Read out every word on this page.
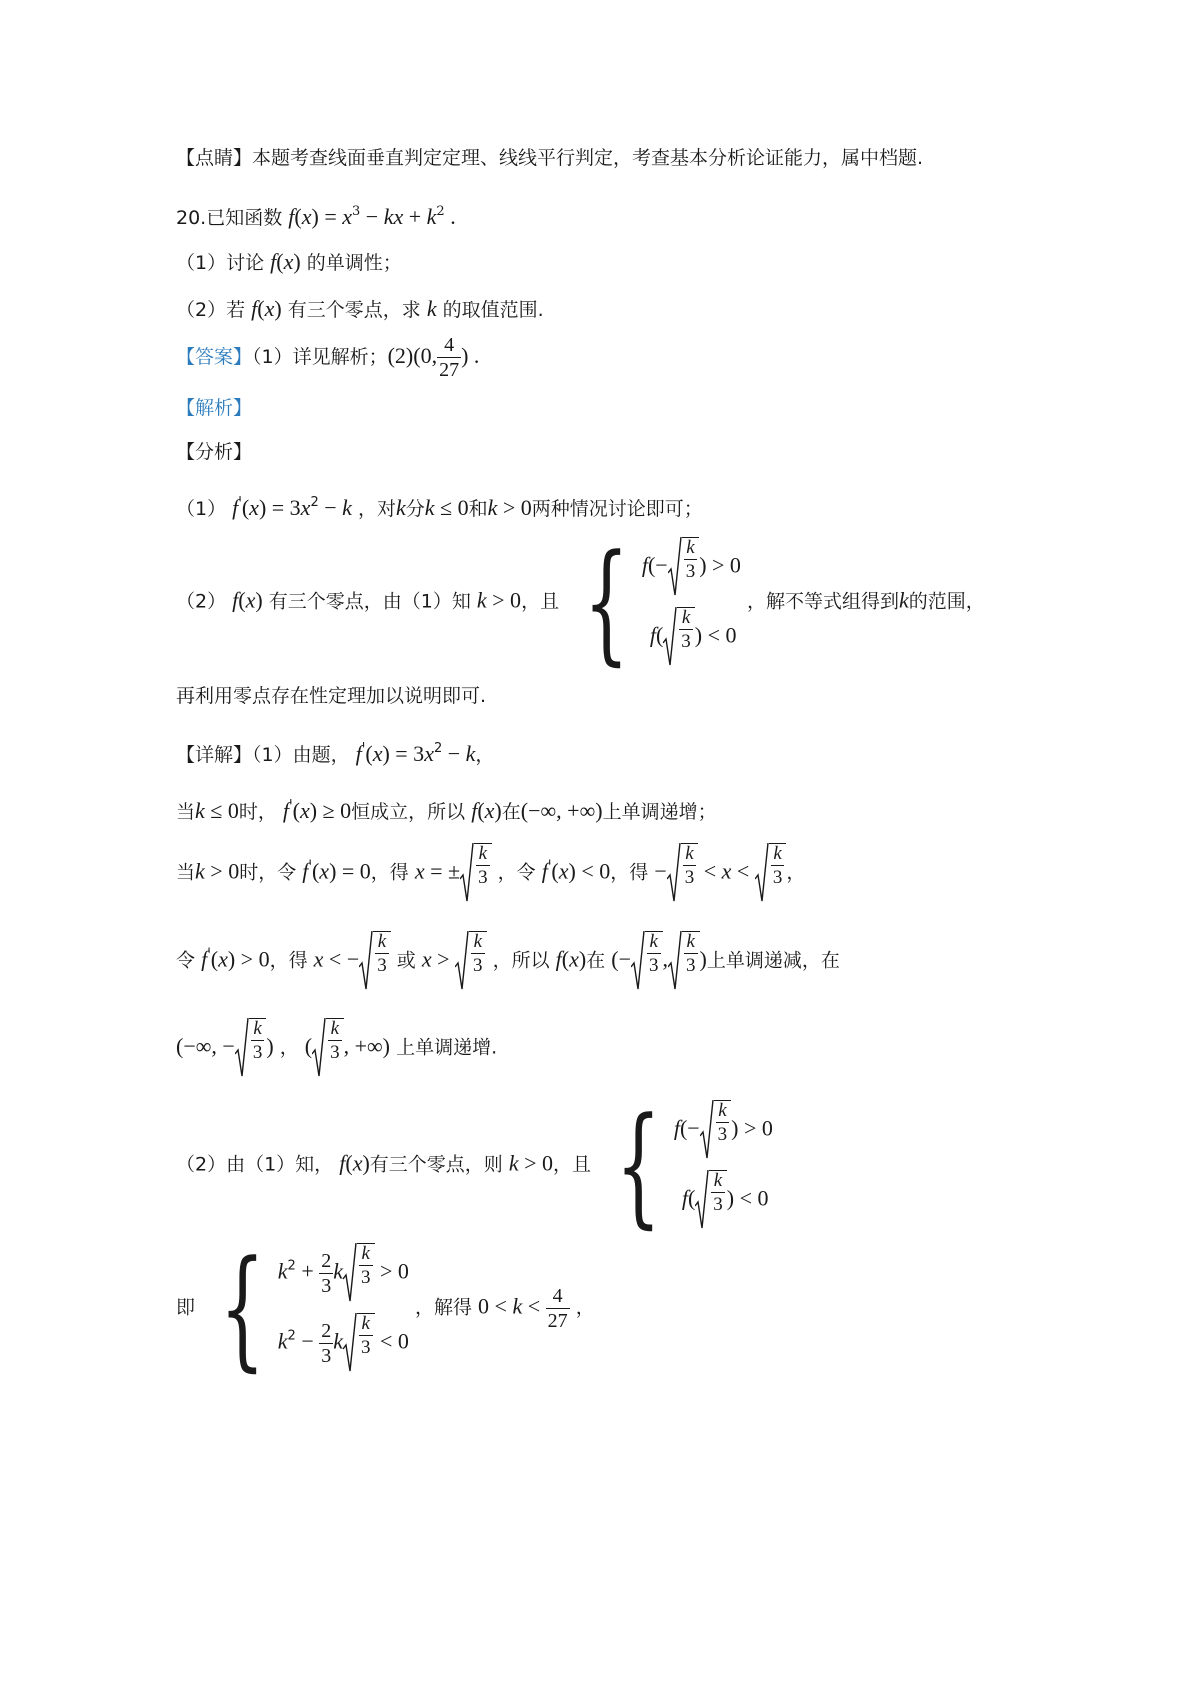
【点睛】本题考查线面垂直判定定理、线线平行判定，考查基本分析论证能力，属中档题.
20.已知函数 $f(x) = x^3$ − kx + $k^2$ .
（1）讨论 f(x) 的单调性；
（2）若 f(x) 有三个零点，求 k 的取值范围.
【答案】（1）详见解析；(2)(0, $\frac{4}{27}$ ) .
【解析】
【分析】
（1） $f'(x) = 3x^2 - k$ ，对k分k ≤ 0和k > 0两种情况讨论即可；
（2） f(x) 有三个零点，由（1）知 k > 0，且 { $f(- \frac{k}{3}$ ) > 0
$f( \frac{k}{3}$ ) < 0
，解不等式组得到k的范围，
再利用零点存在性定理加以说明即可.
【详解】（1）由题， $f'(x) = 3x^2 - k$，
当k ≤ 0时， f'(x) ≥ 0恒成立，所以 f(x)在(−∞, +∞)上单调递增；
当k > 0时，令 f'(x) = 0，得 x = ± $\frac{k}{3}$ ，令 f'(x) < 0，得 − $\frac{k}{3} < x < \frac{k}{3}$ ，
令 f'(x) > 0，得 x < − $\frac{k}{3}$ 或 $x > \frac{k}{3}$ ，所以 f(x)在 (− $\frac{k}{3}$ , $\frac{k}{3}$ )上单调递减，在
(−∞, − $\frac{k}{3}$ ) ， ( $\frac{k}{3}$ , +∞) 上单调递增.
（2）由（1）知， f(x)有三个零点，则 k > 0，且 { $f(- \frac{k}{3}$ ) > 0
$f( \frac{k}{3}$ ) < 0
即 { $k^2 + \frac{2}{3}$ k $\frac{k}{3} > 0$
$k^2 - \frac{2}{3}$ k $\frac{k}{3} < 0$
，解得 $0 < k < \frac{4}{27}$ ，
